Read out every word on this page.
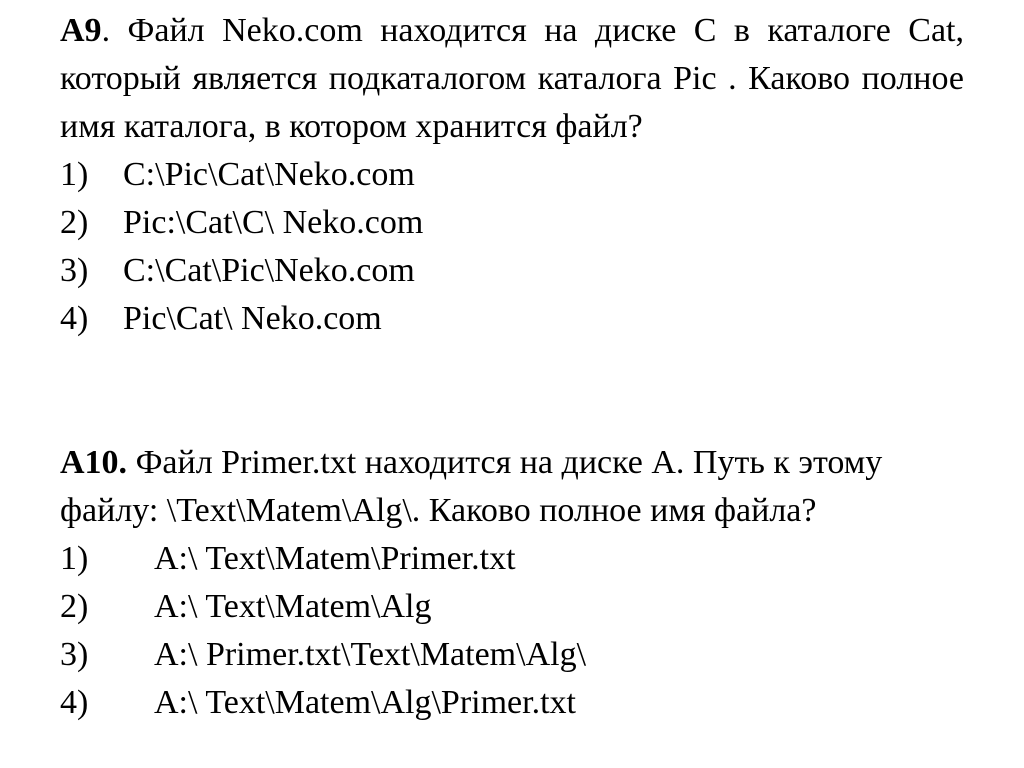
A9. Файл Neko.com находится на диске С в каталоге Cat, который является подкаталогом каталога Pic . Каково полное имя каталога, в котором хранится файл?

1)	C:\Pic\Cat\Neko.com
2)	Pic:\Cat\C\ Neko.com
3)	C:\Cat\Pic\Neko.com
4)	Pic\Cat\ Neko.com

A10. Файл Primer.txt находится на диске А. Путь к этому файлу: \Text\Matem\Alg\. Каково полное имя файла?

1)	A:\ Text\Matem\Primer.txt
2)	A:\ Text\Matem\Alg
3)	A:\ Primer.txt\Text\Matem\Alg\
4)	A:\ Text\Matem\Alg\Primer.txt
